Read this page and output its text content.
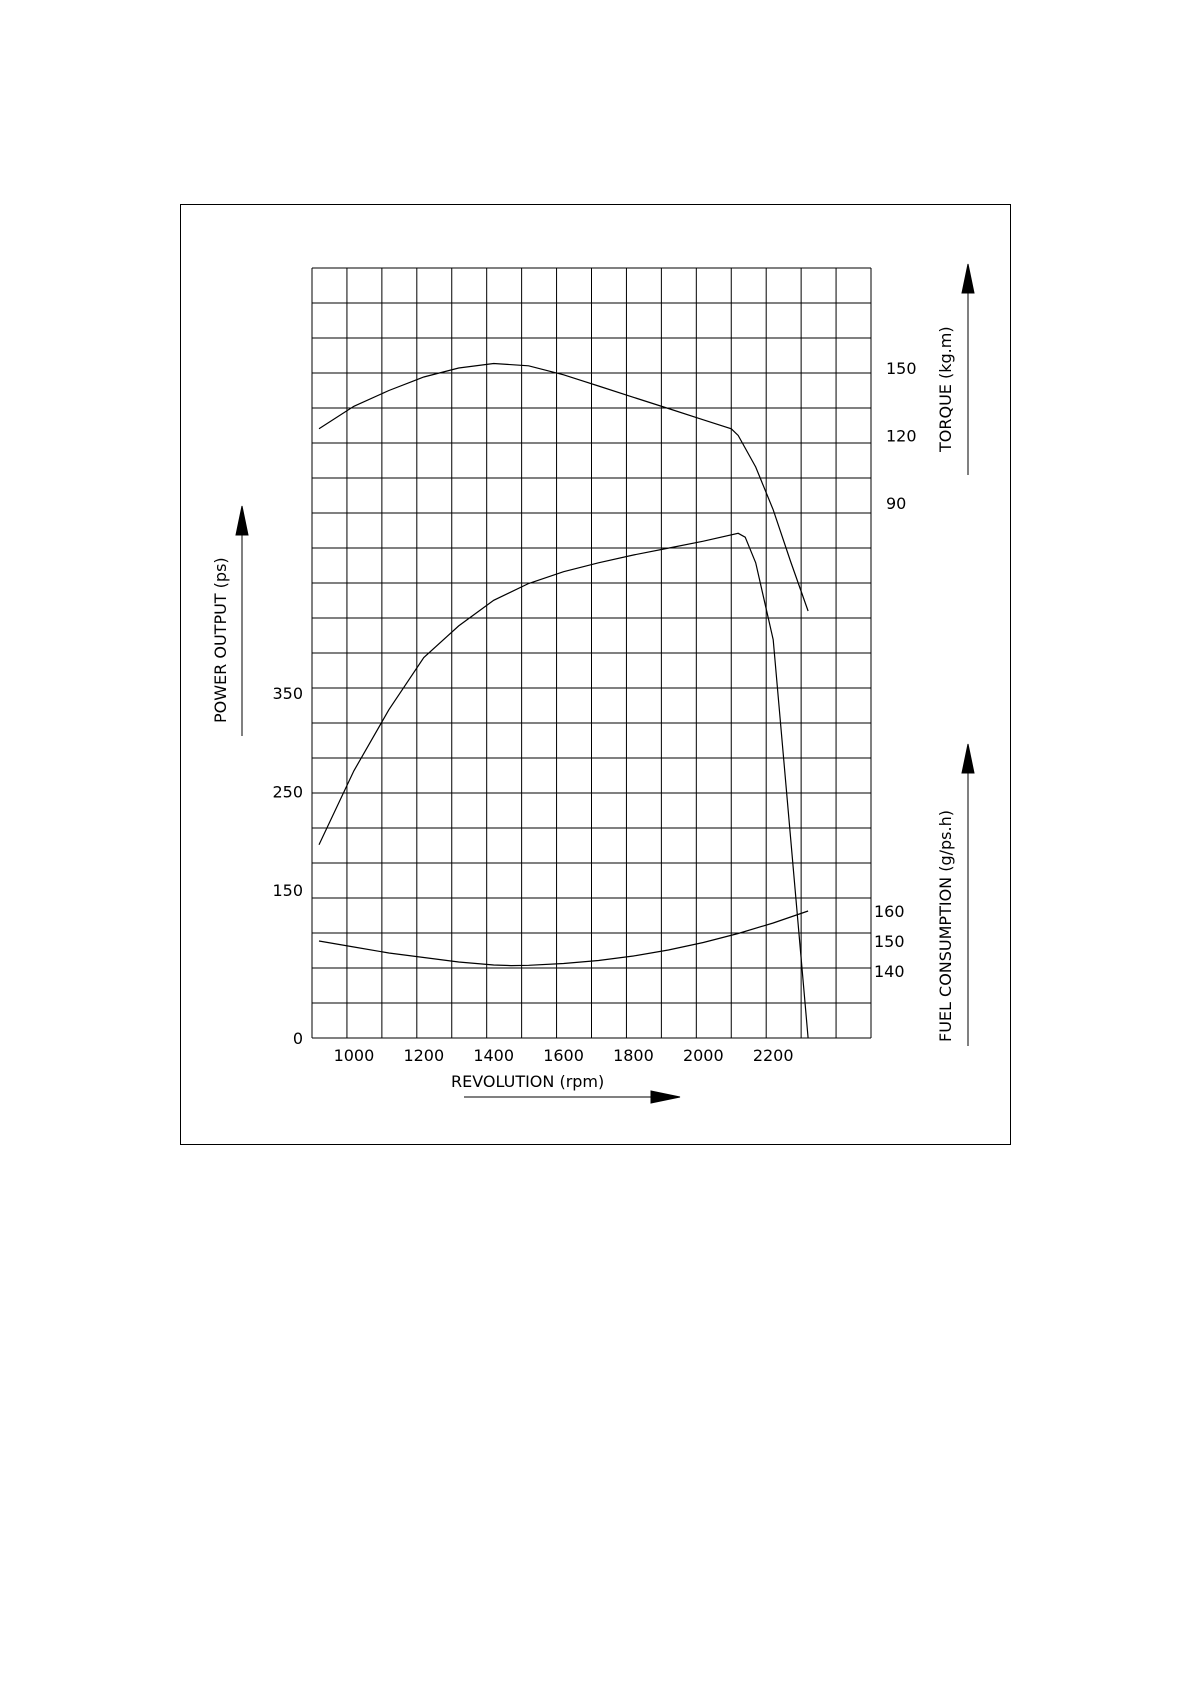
1000 1200 1400 1600 1800 2000 2200
0
150
250
350
90
120
150
140
150
160
REVOLUTION (rpm)
POWER OUTPUT (ps)
TORQUE (kg.m)
FUEL CONSUMPTION (g/ps.h)
